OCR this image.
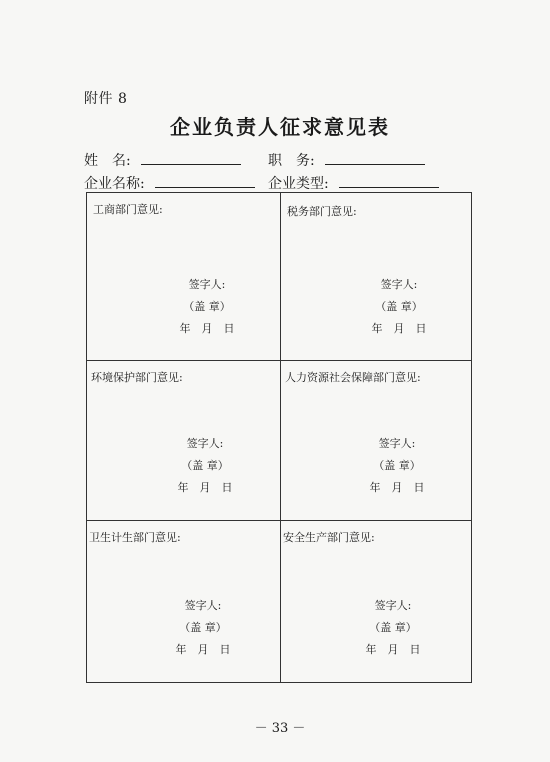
附件 8
企业负责人征求意见表
姓　名:	职　务:
企业名称:	企业类型:
工商部门意见:
签字人:
（盖 章）
年　月　日
税务部门意见:
签字人:
（盖 章）
年　月　日
环境保护部门意见:
签字人:
（盖 章）
年　月　日
人力资源社会保障部门意见:
签字人:
（盖 章）
年　月　日
卫生计生部门意见:
签字人:
（盖 章）
年　月　日
安全生产部门意见:
签字人:
（盖 章）
年　月　日
－ 33 －
